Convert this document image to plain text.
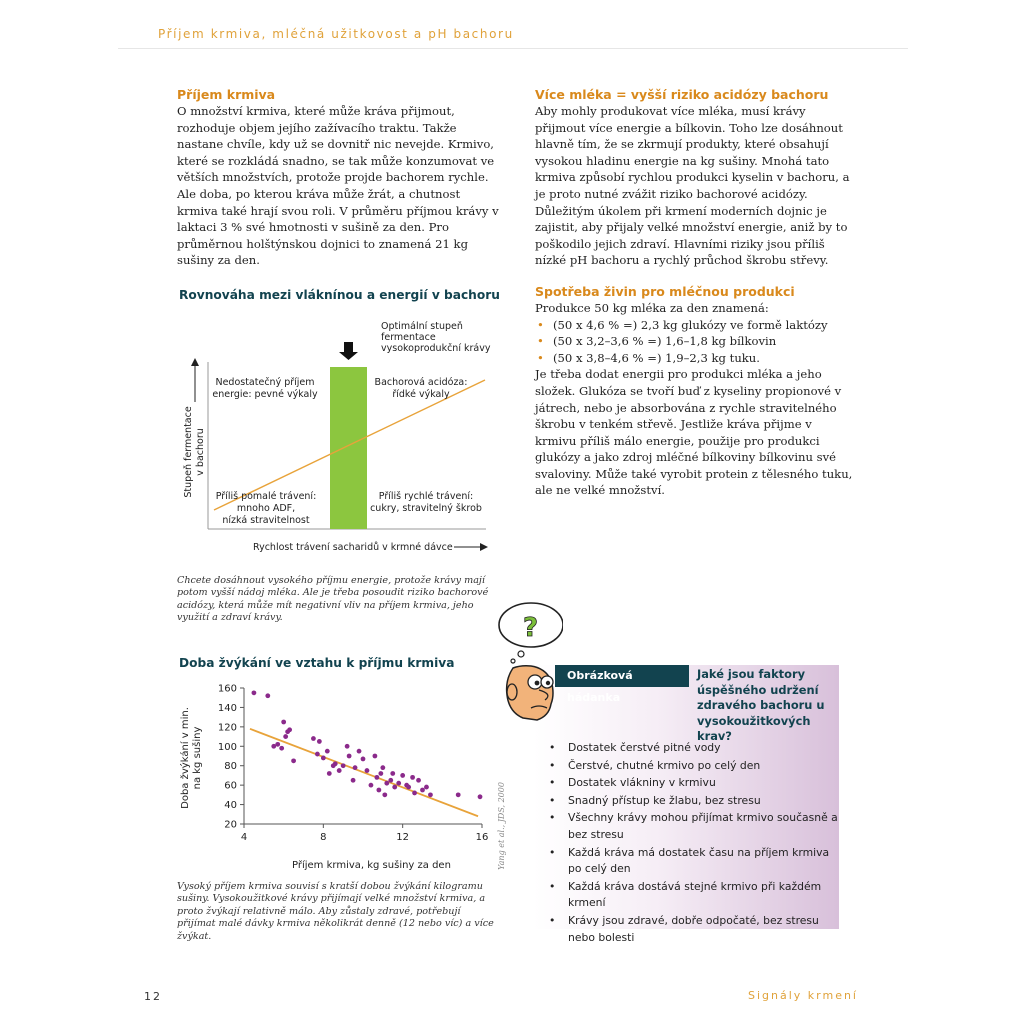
Příjem krmiva, mléčná užitkovost a pH bachoru
Příjem krmiva

O množství krmiva, které může kráva přijmout, rozhoduje objem jejího zažívacího traktu. Takže nastane chvíle, kdy už se dovnitř nic nevejde. Krmivo, které se rozkládá snadno, se tak může konzumovat ve větších množstvích, protože projde bachorem rychle.

Ale doba, po kterou kráva může žrát, a chutnost krmiva také hrají svou roli. V průměru příjmou krávy v laktaci 3 % své hmotnosti v sušině za den. Pro průměrnou holštýnskou dojnici to znamená 21 kg sušiny za den.

Více mléka = vyšší riziko acidózy bachoru

Aby mohly produkovat více mléka, musí krávy přijmout více energie a bílkovin. Toho lze dosáhnout hlavně tím, že se zkrmují produkty, které obsahují vysokou hladinu energie na kg sušiny. Mnohá tato krmiva způsobí rychlou produkci kyselin v bachoru, a je proto nutné zvážit riziko bachorové acidózy. Důležitým úkolem při krmení moderních dojnic je zajistit, aby přijaly velké množství energie, aniž by to poškodilo jejich zdraví. Hlavními riziky jsou příliš nízké pH bachoru a rychlý průchod škrobu střevy.

Spotřeba živin pro mléčnou produkci

Produkce 50 kg mléka za den znamená:

• (50 x 4,6 % =) 2,3 kg glukózy ve formě laktózy
• (50 x 3,2–3,6 % =) 1,6–1,8 kg bílkovin
• (50 x 3,8–4,6 % =) 1,9–2,3 kg tuku.

Je třeba dodat energii pro produkci mléka a jeho složek. Glukóza se tvoří buď z kyseliny propionové v játrech, nebo je absorbována z rychle stravitelného škrobu v tenkém střevě. Jestliže kráva přijme v krmivu příliš málo energie, použije pro produkci glukózy a jako zdroj mléčné bílkoviny bílkovinu své svaloviny. Může také vyrobit protein z tělesného tuku, ale ne velké množství.

Rovnováha mezi vláknínou a energií v bachoru
Optimální stupeň
fermentace
vysokoprodukční krávy
Nedostatečný příjem
energie: pevné výkaly
Bachorová acidóza:
řídké výkaly
Příliš pomalé trávení:
mnoho ADF,
nízká stravitelnost
Příliš rychlé trávení:
cukry, stravitelný škrob
Stupeň fermentace v bachoru
Rychlost trávení sacharidů v krmné dávce
Chcete dosáhnout vysokého příjmu energie, protože krávy mají potom vyšší nádoj mléka. Ale je třeba posoudit riziko bachorové acidózy, která může mít negativní vliv na příjem krmiva, jeho využití a zdraví krávy.
Doba žvýkání ve vztahu k příjmu krmiva
20
40
60
80
100
120
140
160
4	8	12	16
Doba žvýkání v min. na kg sušiny
Příjem krmiva, kg sušiny za den	Yang et al., JDS, 2000
Vysoký příjem krmiva souvisí s kratší dobou žvýkání kilogramu sušiny. Vysokoužitkové krávy přijímají velké množství krmiva, a proto žvýkají relativně málo. Aby zůstaly zdravé, potřebují přijímat malé dávky krmiva několikrát denně (12 nebo víc) a více žvýkat.
?
Obrázková hádanka
Jaké jsou faktory úspěšného udržení zdravého bachoru u vysokoužitkových krav?
• Dostatek čerstvé pitné vody
• Čerstvé, chutné krmivo po celý den
• Dostatek vlákniny v krmivu
• Snadný přístup ke žlabu, bez stresu
• Všechny krávy mohou přijímat krmivo současně a bez stresu
• Každá kráva má dostatek času na příjem krmiva po celý den
• Každá kráva dostává stejné krmivo při každém krmení
• Krávy jsou zdravé, dobře odpočaté, bez stresu nebo bolesti
12	Signály krmení
